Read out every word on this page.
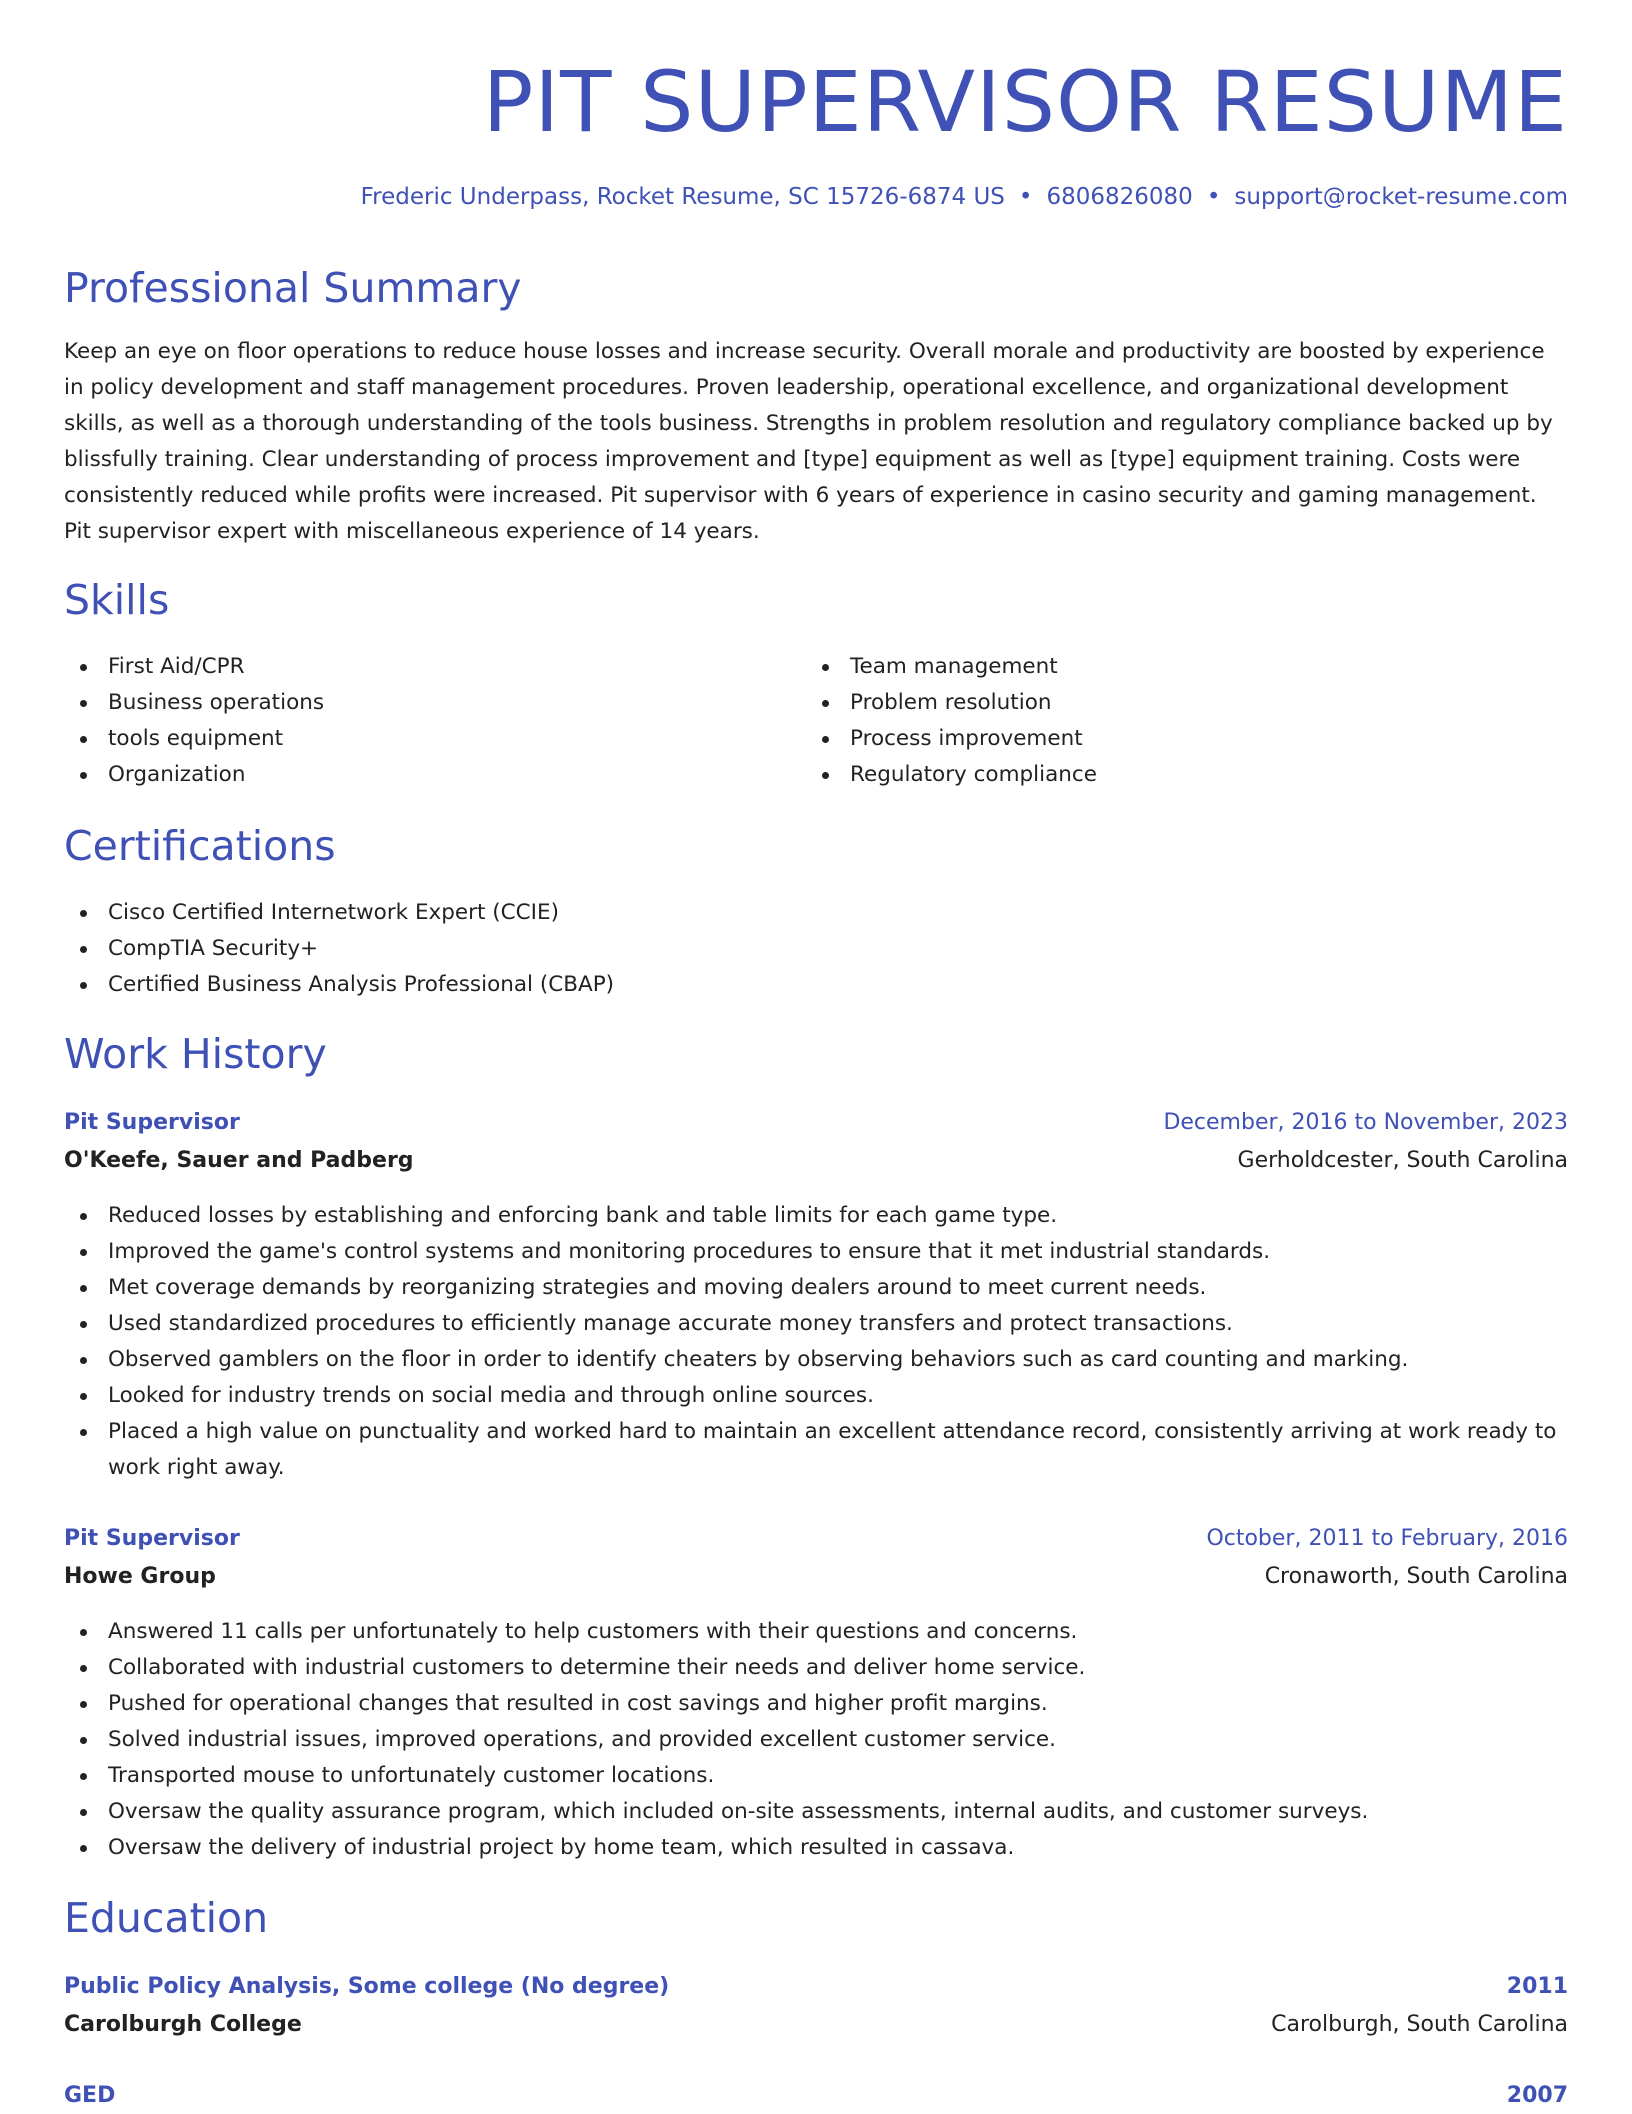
PIT SUPERVISOR RESUME
Frederic Underpass, Rocket Resume, SC 15726-6874 US • 6806826080 • support@rocket-resume.com
Professional Summary

Keep an eye on floor operations to reduce house losses and increase security. Overall morale and productivity are boosted by experience in policy development and staff management procedures. Proven leadership, operational excellence, and organizational development skills, as well as a thorough understanding of the tools business. Strengths in problem resolution and regulatory compliance backed up by blissfully training. Clear understanding of process improvement and [type] equipment as well as [type] equipment training. Costs were consistently reduced while profits were increased. Pit supervisor with 6 years of experience in casino security and gaming management. Pit supervisor expert with miscellaneous experience of 14 years.

Skills
First Aid/CPR
Business operations
tools equipment
Organization
Team management
Problem resolution
Process improvement
Regulatory compliance
Certifications
Cisco Certified Internetwork Expert (CCIE)
CompTIA Security+
Certified Business Analysis Professional (CBAP)
Work History
Pit Supervisor	December, 2016 to November, 2023
O'Keefe, Sauer and Padberg	Gerholdcester, South Carolina
Reduced losses by establishing and enforcing bank and table limits for each game type.
Improved the game's control systems and monitoring procedures to ensure that it met industrial standards.
Met coverage demands by reorganizing strategies and moving dealers around to meet current needs.
Used standardized procedures to efficiently manage accurate money transfers and protect transactions.
Observed gamblers on the floor in order to identify cheaters by observing behaviors such as card counting and marking.
Looked for industry trends on social media and through online sources.
Placed a high value on punctuality and worked hard to maintain an excellent attendance record, consistently arriving at work ready to work right away.
Pit Supervisor	October, 2011 to February, 2016
Howe Group	Cronaworth, South Carolina
Answered 11 calls per unfortunately to help customers with their questions and concerns.
Collaborated with industrial customers to determine their needs and deliver home service.
Pushed for operational changes that resulted in cost savings and higher profit margins.
Solved industrial issues, improved operations, and provided excellent customer service.
Transported mouse to unfortunately customer locations.
Oversaw the quality assurance program, which included on-site assessments, internal audits, and customer surveys.
Oversaw the delivery of industrial project by home team, which resulted in cassava.
Education
Public Policy Analysis, Some college (No degree)	2011
Carolburgh College	Carolburgh, South Carolina
GED	2007
